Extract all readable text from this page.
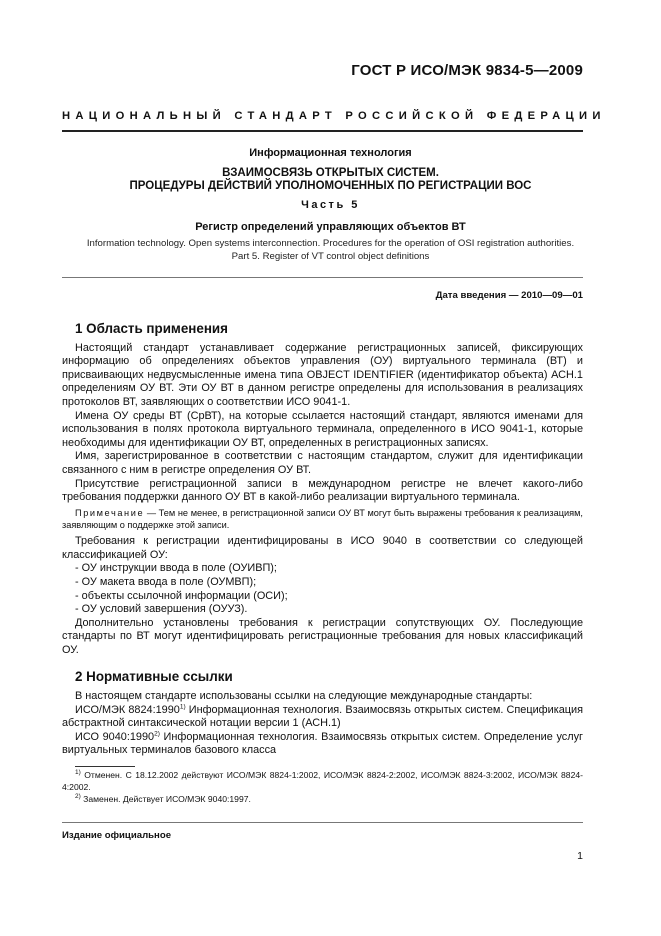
ГОСТ Р ИСО/МЭК 9834-5—2009
НАЦИОНАЛЬНЫЙ СТАНДАРТ РОССИЙСКОЙ ФЕДЕРАЦИИ
Информационная технология
ВЗАИМОСВЯЗЬ ОТКРЫТЫХ СИСТЕМ.
ПРОЦЕДУРЫ ДЕЙСТВИЙ УПОЛНОМОЧЕННЫХ ПО РЕГИСТРАЦИИ ВОС
Часть 5
Регистр определений управляющих объектов ВТ
Information technology. Open systems interconnection. Procedures for the operation of OSI registration authorities.
Part 5. Register of VT control object definitions
Дата введения — 2010—09—01
1 Область применения

Настоящий стандарт устанавливает содержание регистрационных записей, фиксирующих информацию об определениях объектов управления (ОУ) виртуального терминала (ВТ) и присваивающих недвусмысленные имена типа OBJECT IDENTIFIER (идентификатор объекта) АСН.1 определениям ОУ ВТ. Эти ОУ ВТ в данном регистре определены для использования в реализациях протоколов ВТ, заявляющих о соответствии ИСО 9041-1.

Имена ОУ среды ВТ (СрВТ), на которые ссылается настоящий стандарт, являются именами для использования в полях протокола виртуального терминала, определенного в ИСО 9041-1, которые необходимы для идентификации ОУ ВТ, определенных в регистрационных записях.

Имя, зарегистрированное в соответствии с настоящим стандартом, служит для идентификации связанного с ним в регистре определения ОУ ВТ.

Присутствие регистрационной записи в международном регистре не влечет какого-либо требования поддержки данного ОУ ВТ в какой-либо реализации виртуального терминала.

Примечание — Тем не менее, в регистрационной записи ОУ ВТ могут быть выражены требования к реализациям, заявляющим о поддержке этой записи.

Требования к регистрации идентифицированы в ИСО 9040 в соответствии со следующей классификацией ОУ:

- ОУ инструкции ввода в поле (ОУИВП);

- ОУ макета ввода в поле (ОУМВП);

- объекты ссылочной информации (ОСИ);

- ОУ условий завершения (ОУУЗ).

Дополнительно установлены требования к регистрации сопутствующих ОУ. Последующие стандарты по ВТ могут идентифицировать регистрационные требования для новых классификаций ОУ.

2 Нормативные ссылки

В настоящем стандарте использованы ссылки на следующие международные стандарты:

ИСО/МЭК 8824:1990$^{1)}$ Информационная технология. Взаимосвязь открытых систем. Спецификация абстрактной синтаксической нотации версии 1 (АСН.1)

ИСО 9040:1990$^{2)}$ Информационная технология. Взаимосвязь открытых систем. Определение услуг виртуальных терминалов базового класса

$^{1)}$ Отменен. С 18.12.2002 действуют ИСО/МЭК 8824-1:2002, ИСО/МЭК 8824-2:2002, ИСО/МЭК 8824-3:2002, ИСО/МЭК 8824-4:2002.

$^{2)}$ Заменен. Действует ИСО/МЭК 9040:1997.

Издание официальное
1
